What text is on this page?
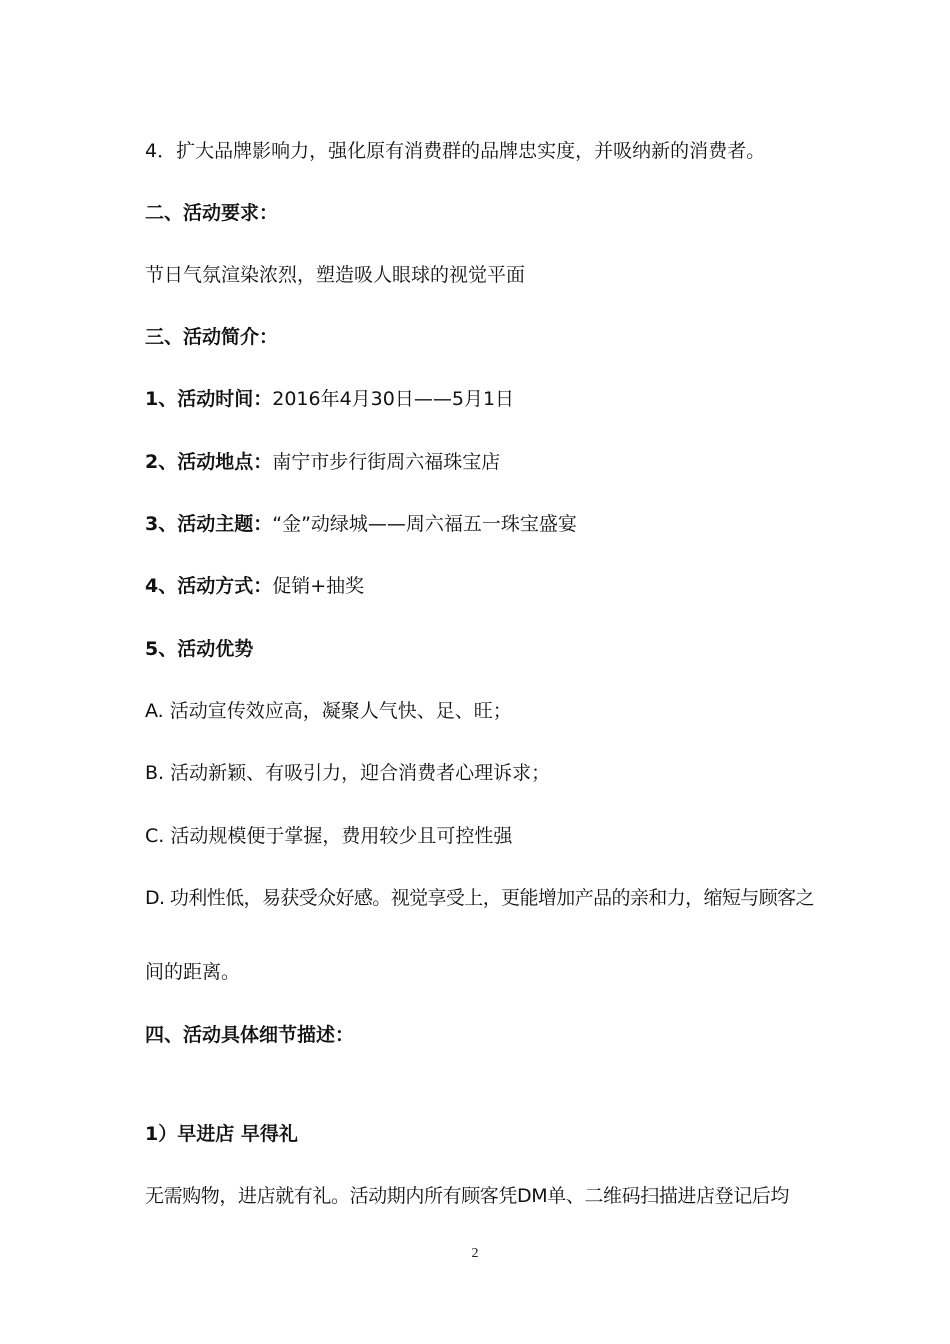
4．扩大品牌影响力，强化原有消费群的品牌忠实度，并吸纳新的消费者。
二、活动要求：
节日气氛渲染浓烈，塑造吸人眼球的视觉平面
三、活动简介：
1、活动时间：2016年4月30日——5月1日
2、活动地点：南宁市步行街周六福珠宝店
3、活动主题：“金”动绿城——周六福五一珠宝盛宴
4、活动方式：促销+抽奖
5、活动优势
A. 活动宣传效应高，凝聚人气快、足、旺；
B. 活动新颖、有吸引力，迎合消费者心理诉求；
C. 活动规模便于掌握，费用较少且可控性强
D. 功利性低，易获受众好感。视觉享受上，更能增加产品的亲和力，缩短与顾客之
间的距离。
四、活动具体细节描述：
1）早进店 早得礼
无需购物，进店就有礼。活动期内所有顾客凭DM单、二维码扫描进店登记后均
2
